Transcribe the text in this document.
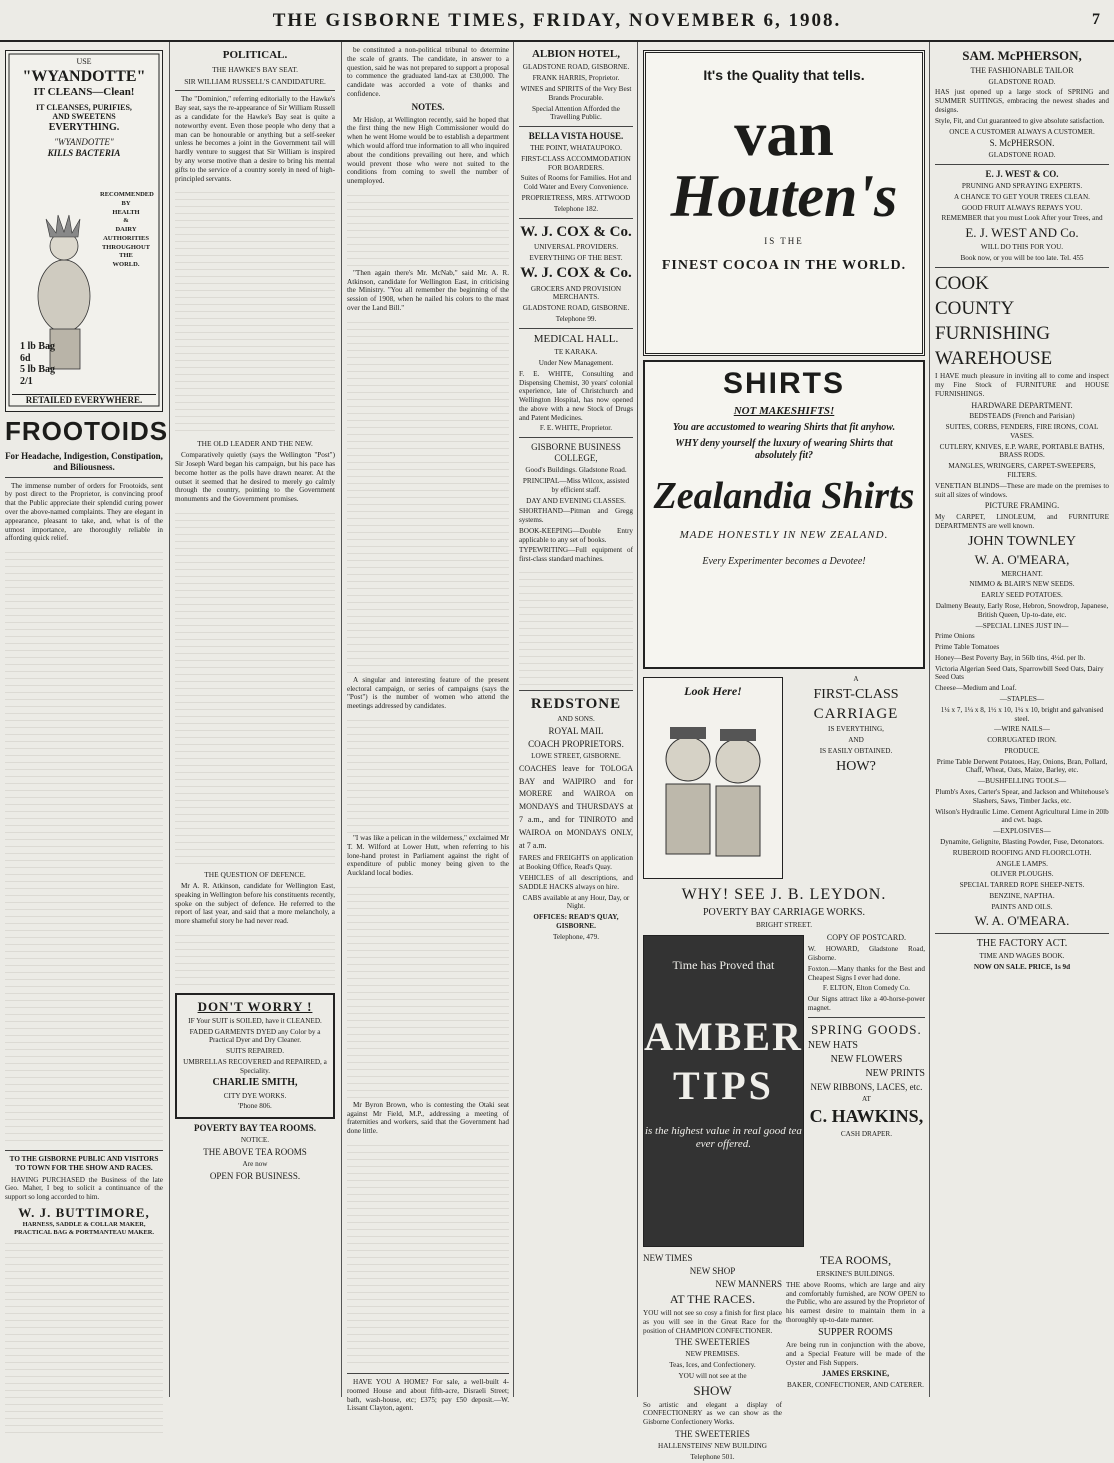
THE GISBORNE TIMES, FRIDAY, NOVEMBER 6, 1908.	7
USE
"WYANDOTTE"
IT CLEANS—Clean!
IT CLEANSES, PURIFIES,
AND SWEETENS
EVERYTHING.
"WYANDOTTE"
KILLS BACTERIA
RECOMMENDED
BY
HEALTH
&
DAIRY
AUTHORITIES
THROUGHOUT
THE
WORLD.
1 lb Bag
6d
5 lb Bag
2/1
RETAILED EVERYWHERE.
FROOTOIDS
For Headache, Indigestion, Constipation, and Biliousness.

The immense number of orders for Frootoids, sent by post direct to the Proprietor, is convincing proof that the Public appreciate their splendid curing power over the above-named complaints. They are elegant in appearance, pleasant to take, and, what is of the utmost importance, are thoroughly reliable in affording quick relief.

TO THE GISBORNE PUBLIC AND VISITORS TO TOWN FOR THE SHOW AND RACES.

HAVING PURCHASED the Business of the late Geo. Maher, I beg to solicit a continuance of the support so long accorded to him.

W. J. BUTTIMORE,
HARNESS, SADDLE & COLLAR MAKER, PRACTICAL BAG & PORTMANTEAU MAKER.
POLITICAL.
THE HAWKE'S BAY SEAT.
SIR WILLIAM RUSSELL'S CANDIDATURE.

The "Dominion," referring editorially to the Hawke's Bay seat, says the re-appearance of Sir William Russell as a candidate for the Hawke's Bay seat is quite a noteworthy event. Even those people who deny that a man can be honourable or anything but a self-seeker unless he becomes a joint in the Government tail will hardly venture to suggest that Sir William is inspired by any worse motive than a desire to bring his mental gifts to the service of a country sorely in need of high-principled servants.

THE OLD LEADER AND THE NEW.

Comparatively quietly (says the Wellington "Post") Sir Joseph Ward began his campaign, but his pace has become hotter as the polls have drawn nearer. At the outset it seemed that he desired to merely go calmly through the country, pointing to the Government monuments and the Government promises.

THE QUESTION OF DEFENCE.

Mr A. R. Atkinson, candidate for Wellington East, speaking in Wellington before his constituents recently, spoke on the subject of defence. He referred to the report of last year, and said that a more melancholy, a more shameful story he had never read.

DON'T WORRY !

IF Your SUIT is SOILED, have it CLEANED.

FADED GARMENTS DYED any Color by a Practical Dyer and Dry Cleaner.

SUITS REPAIRED.

UMBRELLAS RECOVERED and REPAIRED, a Speciality.

CHARLIE SMITH,

CITY DYE WORKS.

'Phone 806.

POVERTY BAY TEA ROOMS.

NOTICE.

THE ABOVE TEA ROOMS

Are now

OPEN FOR BUSINESS.

be constituted a non-political tribunal to determine the scale of grants. The candidate, in answer to a question, said he was not prepared to support a proposal to commence the graduated land-tax at £30,000. The candidate was accorded a vote of thanks and confidence.

NOTES.

Mr Hislop, at Wellington recently, said he hoped that the first thing the new High Commissioner would do when he went Home would be to establish a department which would afford true information to all who inquired about the conditions prevailing out here, and which would prevent those who were not suited to the conditions from coming to swell the number of unemployed.

"Then again there's Mr. McNab," said Mr. A. R. Atkinson, candidate for Wellington East, in criticising the Ministry. "You all remember the beginning of the session of 1908, when he nailed his colors to the mast over the Land Bill."

A singular and interesting feature of the present electoral campaign, or series of campaigns (says the "Post") is the number of women who attend the meetings addressed by candidates.

"I was like a pelican in the wilderness," exclaimed Mr T. M. Wilford at Lower Hutt, when referring to his lone-hand protest in Parliament against the right of expenditure of public money being given to the Auckland local bodies.

Mr Byron Brown, who is contesting the Otaki seat against Mr Field, M.P., addressing a meeting of fraternities and workers, said that the Government had done little.

HAVE YOU A HOME? For sale, a well-built 4-roomed House and about fifth-acre, Disraeli Street; bath, wash-house, etc; £375; pay £50 deposit.—W. Lissant Clayton, agent.

ALBION HOTEL,

GLADSTONE ROAD, GISBORNE.

FRANK HARRIS, Proprietor.

WINES and SPIRITS of the Very Best Brands Procurable.

Special Attention Afforded the Travelling Public.

BELLA VISTA HOUSE.

THE POINT, WHATAUPOKO.

FIRST-CLASS ACCOMMODATION FOR BOARDERS.

Suites of Rooms for Families. Hot and Cold Water and Every Convenience.

PROPRIETRESS, MRS. ATTWOOD

Telephone 182.

W. J. COX & Co.

UNIVERSAL PROVIDERS.

EVERYTHING OF THE BEST.

W. J. COX & Co.

GROCERS AND PROVISION MERCHANTS.

GLADSTONE ROAD, GISBORNE.

Telephone 99.

MEDICAL HALL.

TE KARAKA.

Under New Management.

F. E. WHITE, Consulting and Dispensing Chemist, 30 years' colonial experience, late of Christchurch and Wellington Hospital, has now opened the above with a new Stock of Drugs and Patent Medicines.

F. E. WHITE, Proprietor.

GISBORNE BUSINESS COLLEGE,

Good's Buildings. Gladstone Road.

PRINCIPAL—Miss Wilcox, assisted by efficient staff.

DAY AND EVENING CLASSES.

SHORTHAND—Pitman and Gregg systems.

BOOK-KEEPING—Double Entry applicable to any set of books.

TYPEWRITING—Full equipment of first-class standard machines.

REDSTONE

AND SONS.

ROYAL MAIL

COACH PROPRIETORS.

LOWE STREET, GISBORNE.

COACHES leave for TOLOGA BAY and WAIPIRO and for MORERE and WAIROA on MONDAYS and THURSDAYS at 7 a.m., and for TINIROTO and WAIROA on MONDAYS ONLY, at 7 a.m.

FARES and FREIGHTS on application at Booking Office, Read's Quay.

VEHICLES of all descriptions, and SADDLE HACKS always on hire.

CABS available at any Hour, Day, or Night.

OFFICES: READ'S QUAY, GISBORNE.

Telephone, 479.

It's the Quality that tells.
van
Houten's
IS THE
FINEST COCOA IN THE WORLD.
SHIRTS
NOT MAKESHIFTS!
You are accustomed to wearing Shirts that fit anyhow.
WHY deny yourself the luxury of wearing Shirts that absolutely fit?
Zealandia Shirts
MADE HONESTLY IN NEW ZEALAND.
Every Experimenter becomes a Devotee!
Look Here!

A

FIRST-CLASS

CARRIAGE

IS EVERYTHING,

AND

IS EASILY OBTAINED.

HOW?

WHY! SEE J. B. LEYDON.

POVERTY BAY CARRIAGE WORKS.

BRIGHT STREET.

Time has Proved that
AMBER
TIPS
is the highest value in real good tea ever offered.

COPY OF POSTCARD.

W. HOWARD, Gladstone Road, Gisborne.

Foxton.—Many thanks for the Best and Cheapest Signs I ever had done.

F. ELTON, Elton Comedy Co.

Our Signs attract like a 40-horse-power magnet.

SPRING GOODS.

NEW HATS

NEW FLOWERS

NEW PRINTS

NEW RIBBONS, LACES, etc.

AT

C. HAWKINS,

CASH DRAPER.

NEW TIMES

NEW SHOP

NEW MANNERS

AT THE RACES.

YOU will not see so cosy a finish for first place as you will see in the Great Race for the position of CHAMPION CONFECTIONER.

THE SWEETERIES

NEW PREMISES.

Teas, Ices, and Confectionery.

YOU will not see at the

SHOW

So artistic and elegant a display of CONFECTIONERY as we can show as the Gisborne Confectionery Works.

THE SWEETERIES

HALLENSTEINS' NEW BUILDING

Telephone 501.

TEA ROOMS,

ERSKINE'S BUILDINGS.

THE above Rooms, which are large and airy and comfortably furnished, are NOW OPEN to the Public, who are assured by the Proprietor of his earnest desire to maintain them in a thoroughly up-to-date manner.

SUPPER ROOMS

Are being run in conjunction with the above, and a Special Feature will be made of the Oyster and Fish Suppers.

JAMES ERSKINE,

BAKER, CONFECTIONER, AND CATERER.

SAM. McPHERSON,

THE FASHIONABLE TAILOR

GLADSTONE ROAD.

HAS just opened up a large stock of SPRING and SUMMER SUITINGS, embracing the newest shades and designs.

Style, Fit, and Cut guaranteed to give absolute satisfaction.

ONCE A CUSTOMER ALWAYS A CUSTOMER.

S. McPHERSON.

GLADSTONE ROAD.

E. J. WEST & CO.

PRUNING AND SPRAYING EXPERTS.

A CHANCE TO GET YOUR TREES CLEAN.

GOOD FRUIT ALWAYS REPAYS YOU.

REMEMBER that you must Look After your Trees, and

E. J. WEST AND Co.

WILL DO THIS FOR YOU.

Book now, or you will be too late. Tel. 455

COOK

COUNTY

FURNISHING

WAREHOUSE

I HAVE much pleasure in inviting all to come and inspect my Fine Stock of FURNITURE and HOUSE FURNISHINGS.

HARDWARE DEPARTMENT.

BEDSTEADS (French and Parisian)

SUITES, CORBS, FENDERS, FIRE IRONS, COAL VASES.

CUTLERY, KNIVES, E.P. WARE, PORTABLE BATHS, BRASS RODS.

MANGLES, WRINGERS, CARPET-SWEEPERS, FILTERS.

VENETIAN BLINDS—These are made on the premises to suit all sizes of windows.

PICTURE FRAMING.

My CARPET, LINOLEUM, and FURNITURE DEPARTMENTS are well known.

JOHN TOWNLEY

W. A. O'MEARA,

MERCHANT.

NIMMO & BLAIR'S NEW SEEDS.

EARLY SEED POTATOES.

Dalmeny Beauty, Early Rose, Hebron, Snowdrop, Japanese, British Queen, Up-to-date, etc.

—SPECIAL LINES JUST IN—

Prime Onions

Prime Table Tomatoes

Honey—Best Poverty Bay, in 56lb tins, 4½d. per lb.

Victoria Algerian Seed Oats, Sparrowbill Seed Oats, Dairy Seed Oats

Cheese—Medium and Loaf.

—STAPLES—

1¼ x 7, 1¼ x 8, 1½ x 10, 1¼ x 10, bright and galvanised steel.

—WIRE NAILS—

CORRUGATED IRON.

PRODUCE.

Prime Table Derwent Potatoes, Hay, Onions, Bran, Pollard, Chaff, Wheat, Oats, Maize, Barley, etc.

—BUSHFELLING TOOLS—

Plumb's Axes, Carter's Spear, and Jackson and Whitehouse's Slashers, Saws, Timber Jacks, etc.

Wilson's Hydraulic Lime. Cement Agricultural Lime in 20lb and cwt. bags.

—EXPLOSIVES—

Dynamite, Gelignite, Blasting Powder, Fuse, Detonators.

RUBEROID ROOFING AND FLOORCLOTH.

ANGLE LAMPS.

OLIVER PLOUGHS.

SPECIAL TARRED ROPE SHEEP-NETS.

BENZINE, NAPTHA.

PAINTS AND OILS.

W. A. O'MEARA.

THE FACTORY ACT.

TIME AND WAGES BOOK.

NOW ON SALE. PRICE, 1s 9d
